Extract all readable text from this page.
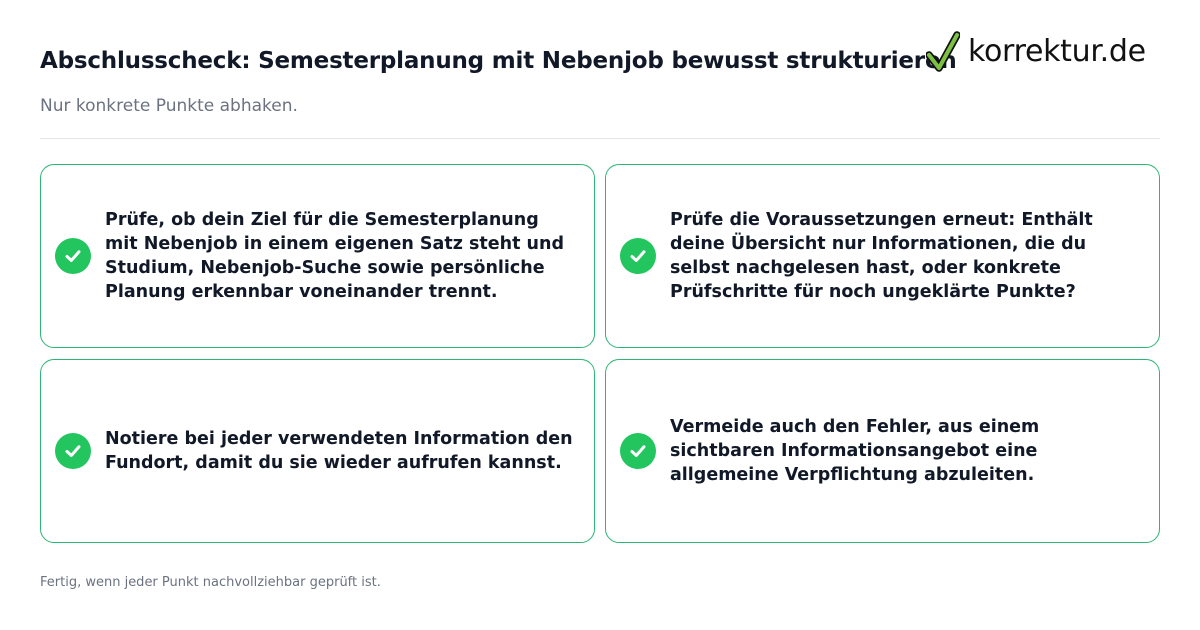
Abschlusscheck: Semesterplanung mit Nebenjob bewusst strukturieren

Nur konkrete Punkte abhaken.

korrektur.de

Prüfe, ob dein Ziel für die Semesterplanung mit Nebenjob in einem eigenen Satz steht und Studium, Nebenjob-Suche sowie persönliche Planung erkennbar voneinander trennt.

Prüfe die Voraussetzungen erneut: Enthält deine Übersicht nur Informationen, die du selbst nachgelesen hast, oder konkrete Prüfschritte für noch ungeklärte Punkte?

Notiere bei jeder verwendeten Information den Fundort, damit du sie wieder aufrufen kannst.

Vermeide auch den Fehler, aus einem sichtbaren Informationsangebot eine allgemeine Verpflichtung abzuleiten.

Fertig, wenn jeder Punkt nachvollziehbar geprüft ist.
